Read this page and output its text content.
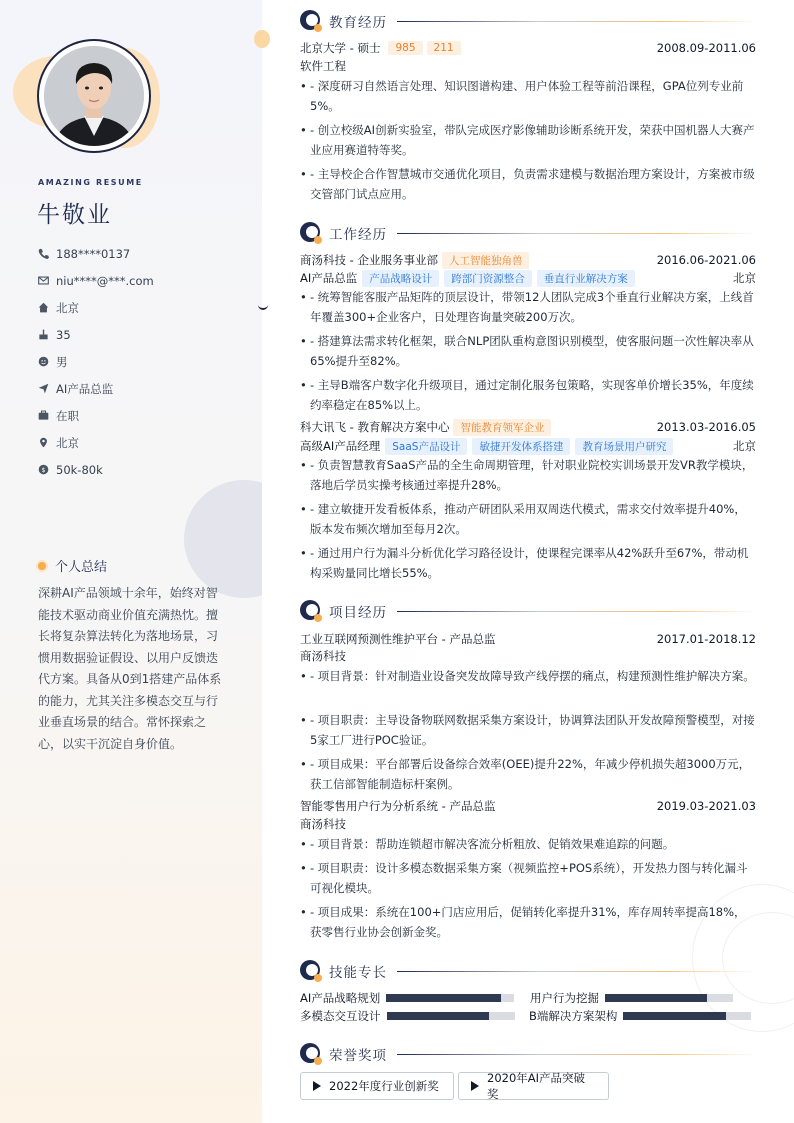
AMAZING RESUME
牛敬业
188****0137
niu****@***.com
北京
35
男
AI产品总监
在职
北京
$ 50k-80k
个人总结
深耕AI产品领域十余年，始终对智能技术驱动商业价值充满热忱。擅长将复杂算法转化为落地场景，习惯用数据验证假设、以用户反馈迭代方案。具备从0到1搭建产品体系的能力，尤其关注多模态交互与行业垂直场景的结合。常怀探索之心，以实干沉淀自身价值。
教育经历
北京大学 - 硕士	985	211	2008.09-2011.06
软件工程
• - 深度研习自然语言处理、知识图谱构建、用户体验工程等前沿课程，GPA位列专业前5%。
• - 创立校级AI创新实验室，带队完成医疗影像辅助诊断系统开发，荣获中国机器人大赛产业应用赛道特等奖。
• - 主导校企合作智慧城市交通优化项目，负责需求建模与数据治理方案设计，方案被市级交管部门试点应用。
工作经历
商汤科技 - 企业服务事业部	人工智能独角兽	2016.06-2021.06
AI产品总监	产品战略设计	跨部门资源整合	垂直行业解决方案	北京
• - 统筹智能客服产品矩阵的顶层设计，带领12人团队完成3个垂直行业解决方案，上线首年覆盖300+企业客户，日处理咨询量突破200万次。
• - 搭建算法需求转化框架，联合NLP团队重构意图识别模型，使客服问题一次性解决率从65%提升至82%。
• - 主导B端客户数字化升级项目，通过定制化服务包策略，实现客单价增长35%，年度续约率稳定在85%以上。
科大讯飞 - 教育解决方案中心	智能教育领军企业	2013.03-2016.05
高级AI产品经理	SaaS产品设计	敏捷开发体系搭建	教育场景用户研究	北京
• - 负责智慧教育SaaS产品的全生命周期管理，针对职业院校实训场景开发VR教学模块，落地后学员实操考核通过率提升28%。
• - 建立敏捷开发看板体系，推动产研团队采用双周迭代模式，需求交付效率提升40%，版本发布频次增加至每月2次。
• - 通过用户行为漏斗分析优化学习路径设计，使课程完课率从42%跃升至67%，带动机构采购量同比增长55%。
项目经历
工业互联网预测性维护平台 - 产品总监	2017.01-2018.12
商汤科技
• - 项目背景：针对制造业设备突发故障导致产线停摆的痛点，构建预测性维护解决方案。
• - 项目职责：主导设备物联网数据采集方案设计，协调算法团队开发故障预警模型，对接5家工厂进行POC验证。
• - 项目成果：平台部署后设备综合效率(OEE)提升22%，年减少停机损失超3000万元，获工信部智能制造标杆案例。
智能零售用户行为分析系统 - 产品总监	2019.03-2021.03
商汤科技
• - 项目背景：帮助连锁超市解决客流分析粗放、促销效果难追踪的问题。
• - 项目职责：设计多模态数据采集方案（视频监控+POS系统），开发热力图与转化漏斗可视化模块。
• - 项目成果：系统在100+门店应用后，促销转化率提升31%，库存周转率提高18%，获零售行业协会创新金奖。
技能专长
AI产品战略规划	用户行为挖掘
多模态交互设计	B端解决方案架构
荣誉奖项
2022年度行业创新奖
2020年AI产品突破奖
